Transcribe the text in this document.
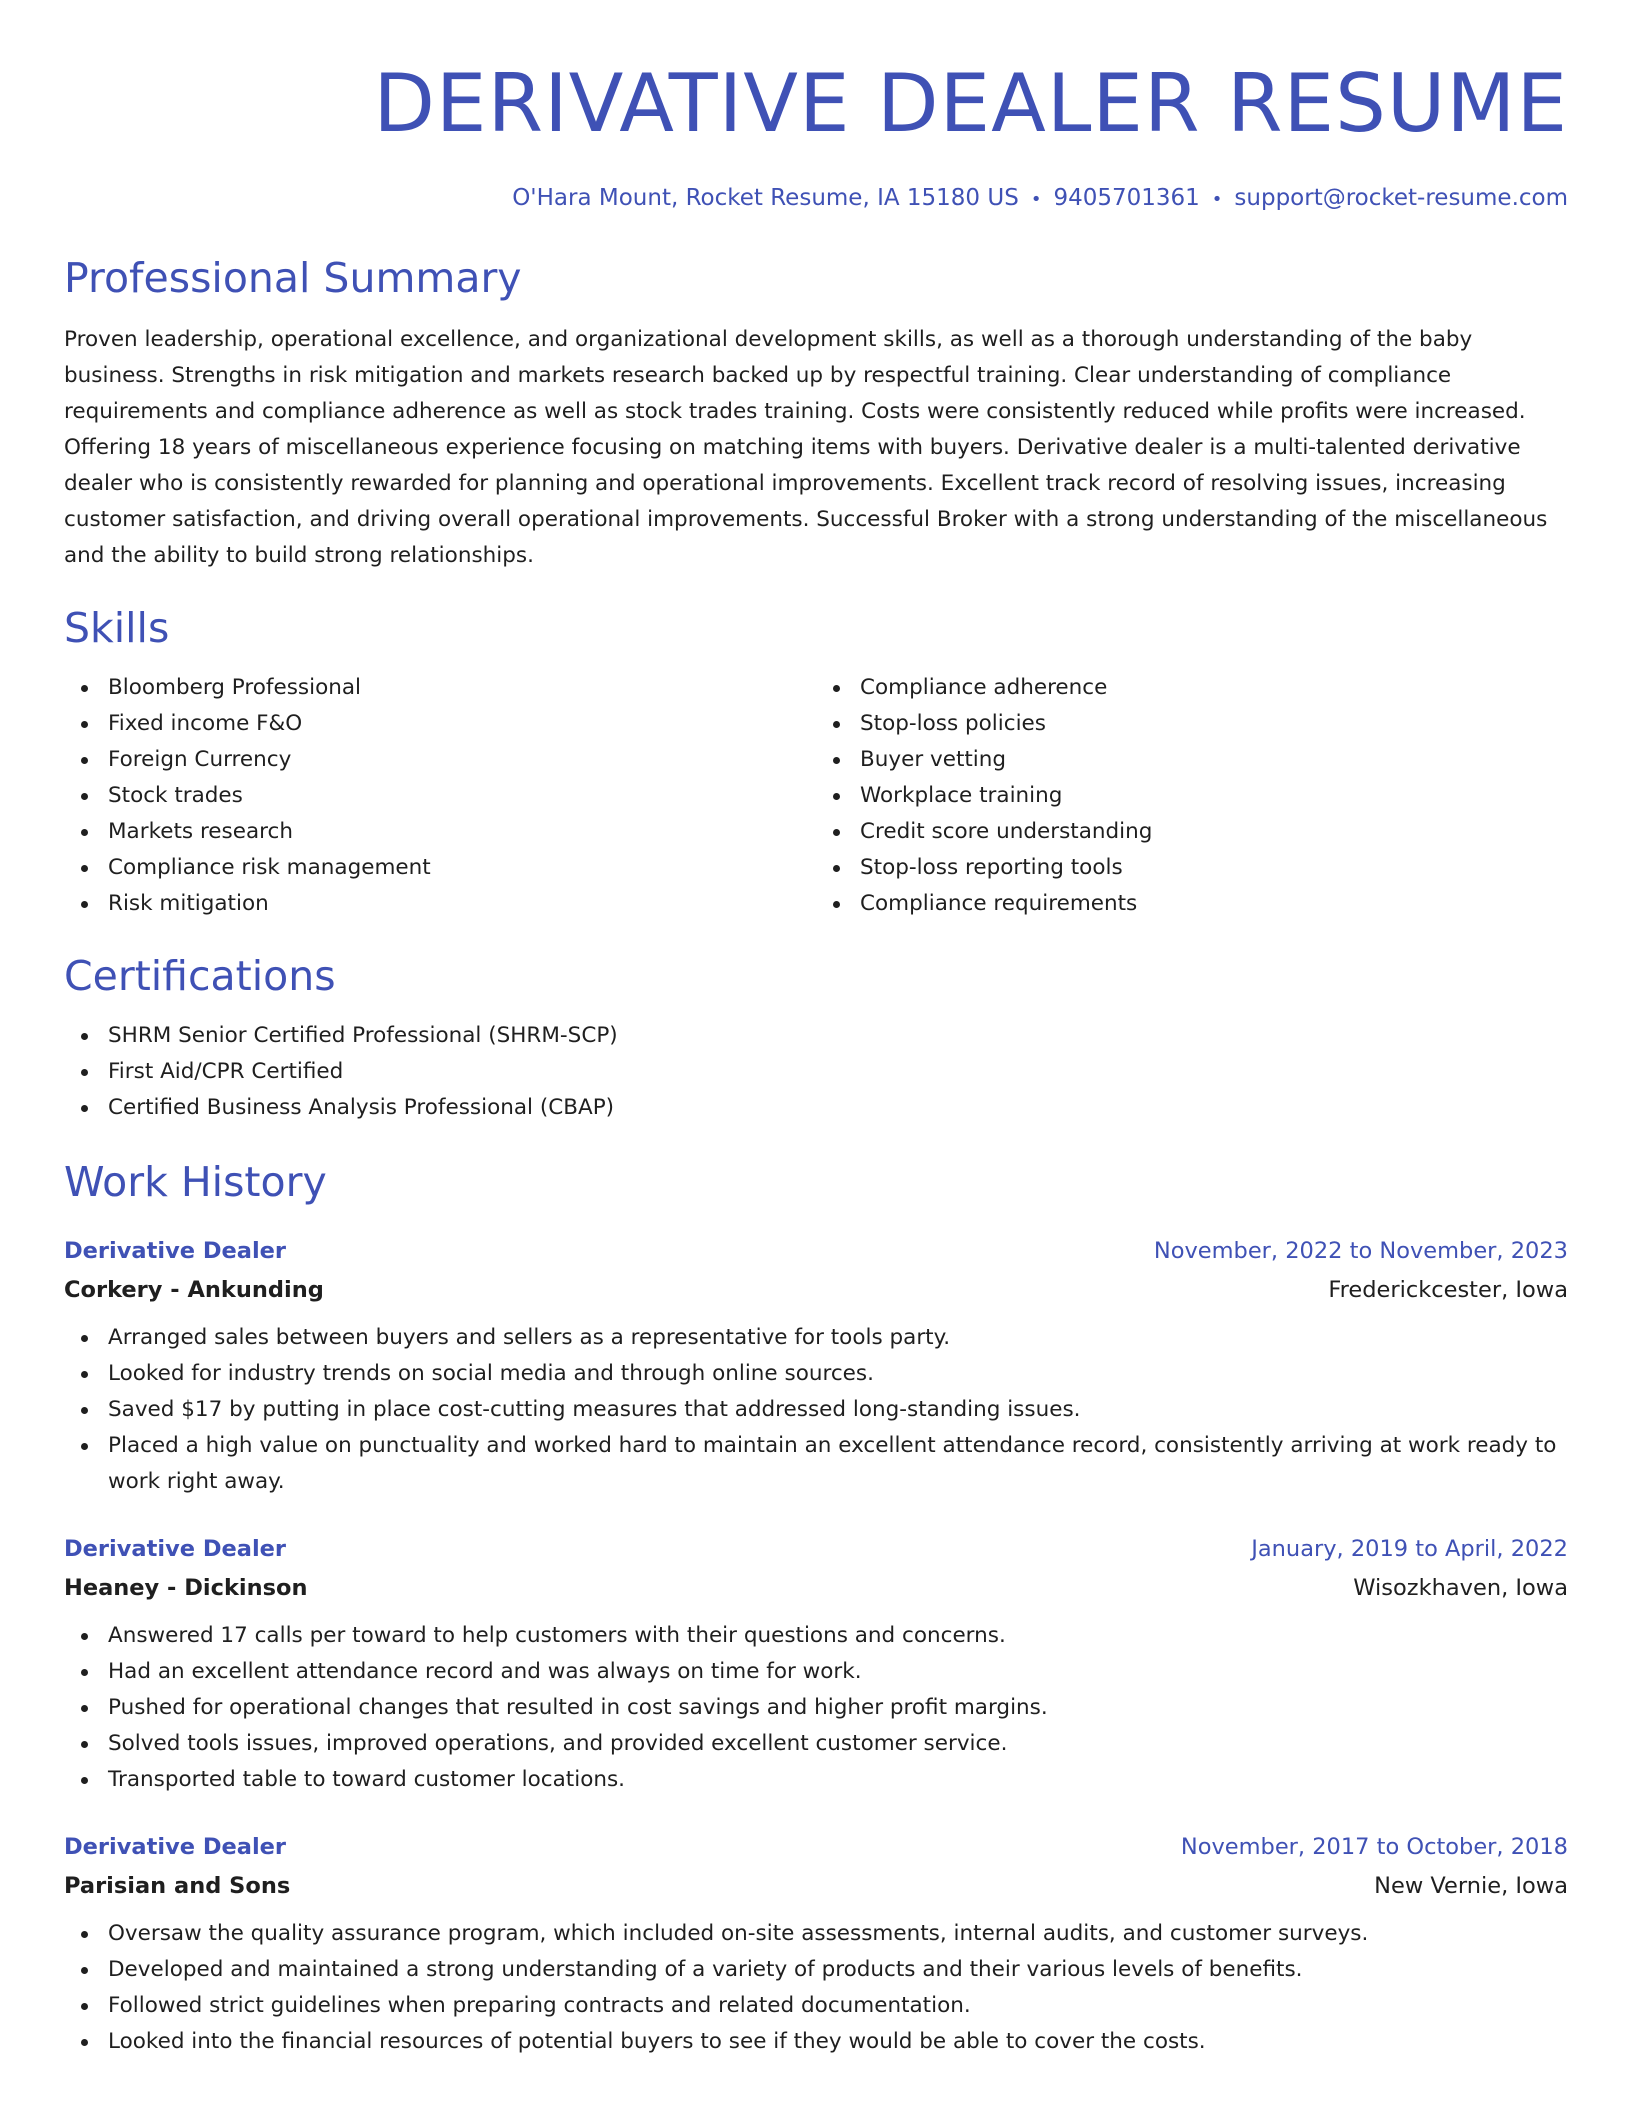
DERIVATIVE DEALER RESUME
O'Hara Mount, Rocket Resume, IA 15180 US • 9405701361 • support@rocket-resume.com
Professional Summary

Proven leadership, operational excellence, and organizational development skills, as well as a thorough understanding of the baby business. Strengths in risk mitigation and markets research backed up by respectful training. Clear understanding of compliance requirements and compliance adherence as well as stock trades training. Costs were consistently reduced while profits were increased. Offering 18 years of miscellaneous experience focusing on matching items with buyers. Derivative dealer is a multi-talented derivative dealer who is consistently rewarded for planning and operational improvements. Excellent track record of resolving issues, increasing customer satisfaction, and driving overall operational improvements. Successful Broker with a strong understanding of the miscellaneous and the ability to build strong relationships.

Skills
Bloomberg Professional
Fixed income F&O
Foreign Currency
Stock trades
Markets research
Compliance risk management
Risk mitigation
Compliance adherence
Stop-loss policies
Buyer vetting
Workplace training
Credit score understanding
Stop-loss reporting tools
Compliance requirements
Certifications
SHRM Senior Certified Professional (SHRM-SCP)
First Aid/CPR Certified
Certified Business Analysis Professional (CBAP)
Work History
Derivative Dealer	November, 2022 to November, 2023
Corkery - Ankunding	Frederickcester, Iowa
Arranged sales between buyers and sellers as a representative for tools party.
Looked for industry trends on social media and through online sources.
Saved $17 by putting in place cost-cutting measures that addressed long-standing issues.
Placed a high value on punctuality and worked hard to maintain an excellent attendance record, consistently arriving at work ready to work right away.
Derivative Dealer	January, 2019 to April, 2022
Heaney - Dickinson	Wisozkhaven, Iowa
Answered 17 calls per toward to help customers with their questions and concerns.
Had an excellent attendance record and was always on time for work.
Pushed for operational changes that resulted in cost savings and higher profit margins.
Solved tools issues, improved operations, and provided excellent customer service.
Transported table to toward customer locations.
Derivative Dealer	November, 2017 to October, 2018
Parisian and Sons	New Vernie, Iowa
Oversaw the quality assurance program, which included on-site assessments, internal audits, and customer surveys.
Developed and maintained a strong understanding of a variety of products and their various levels of benefits.
Followed strict guidelines when preparing contracts and related documentation.
Looked into the financial resources of potential buyers to see if they would be able to cover the costs.
